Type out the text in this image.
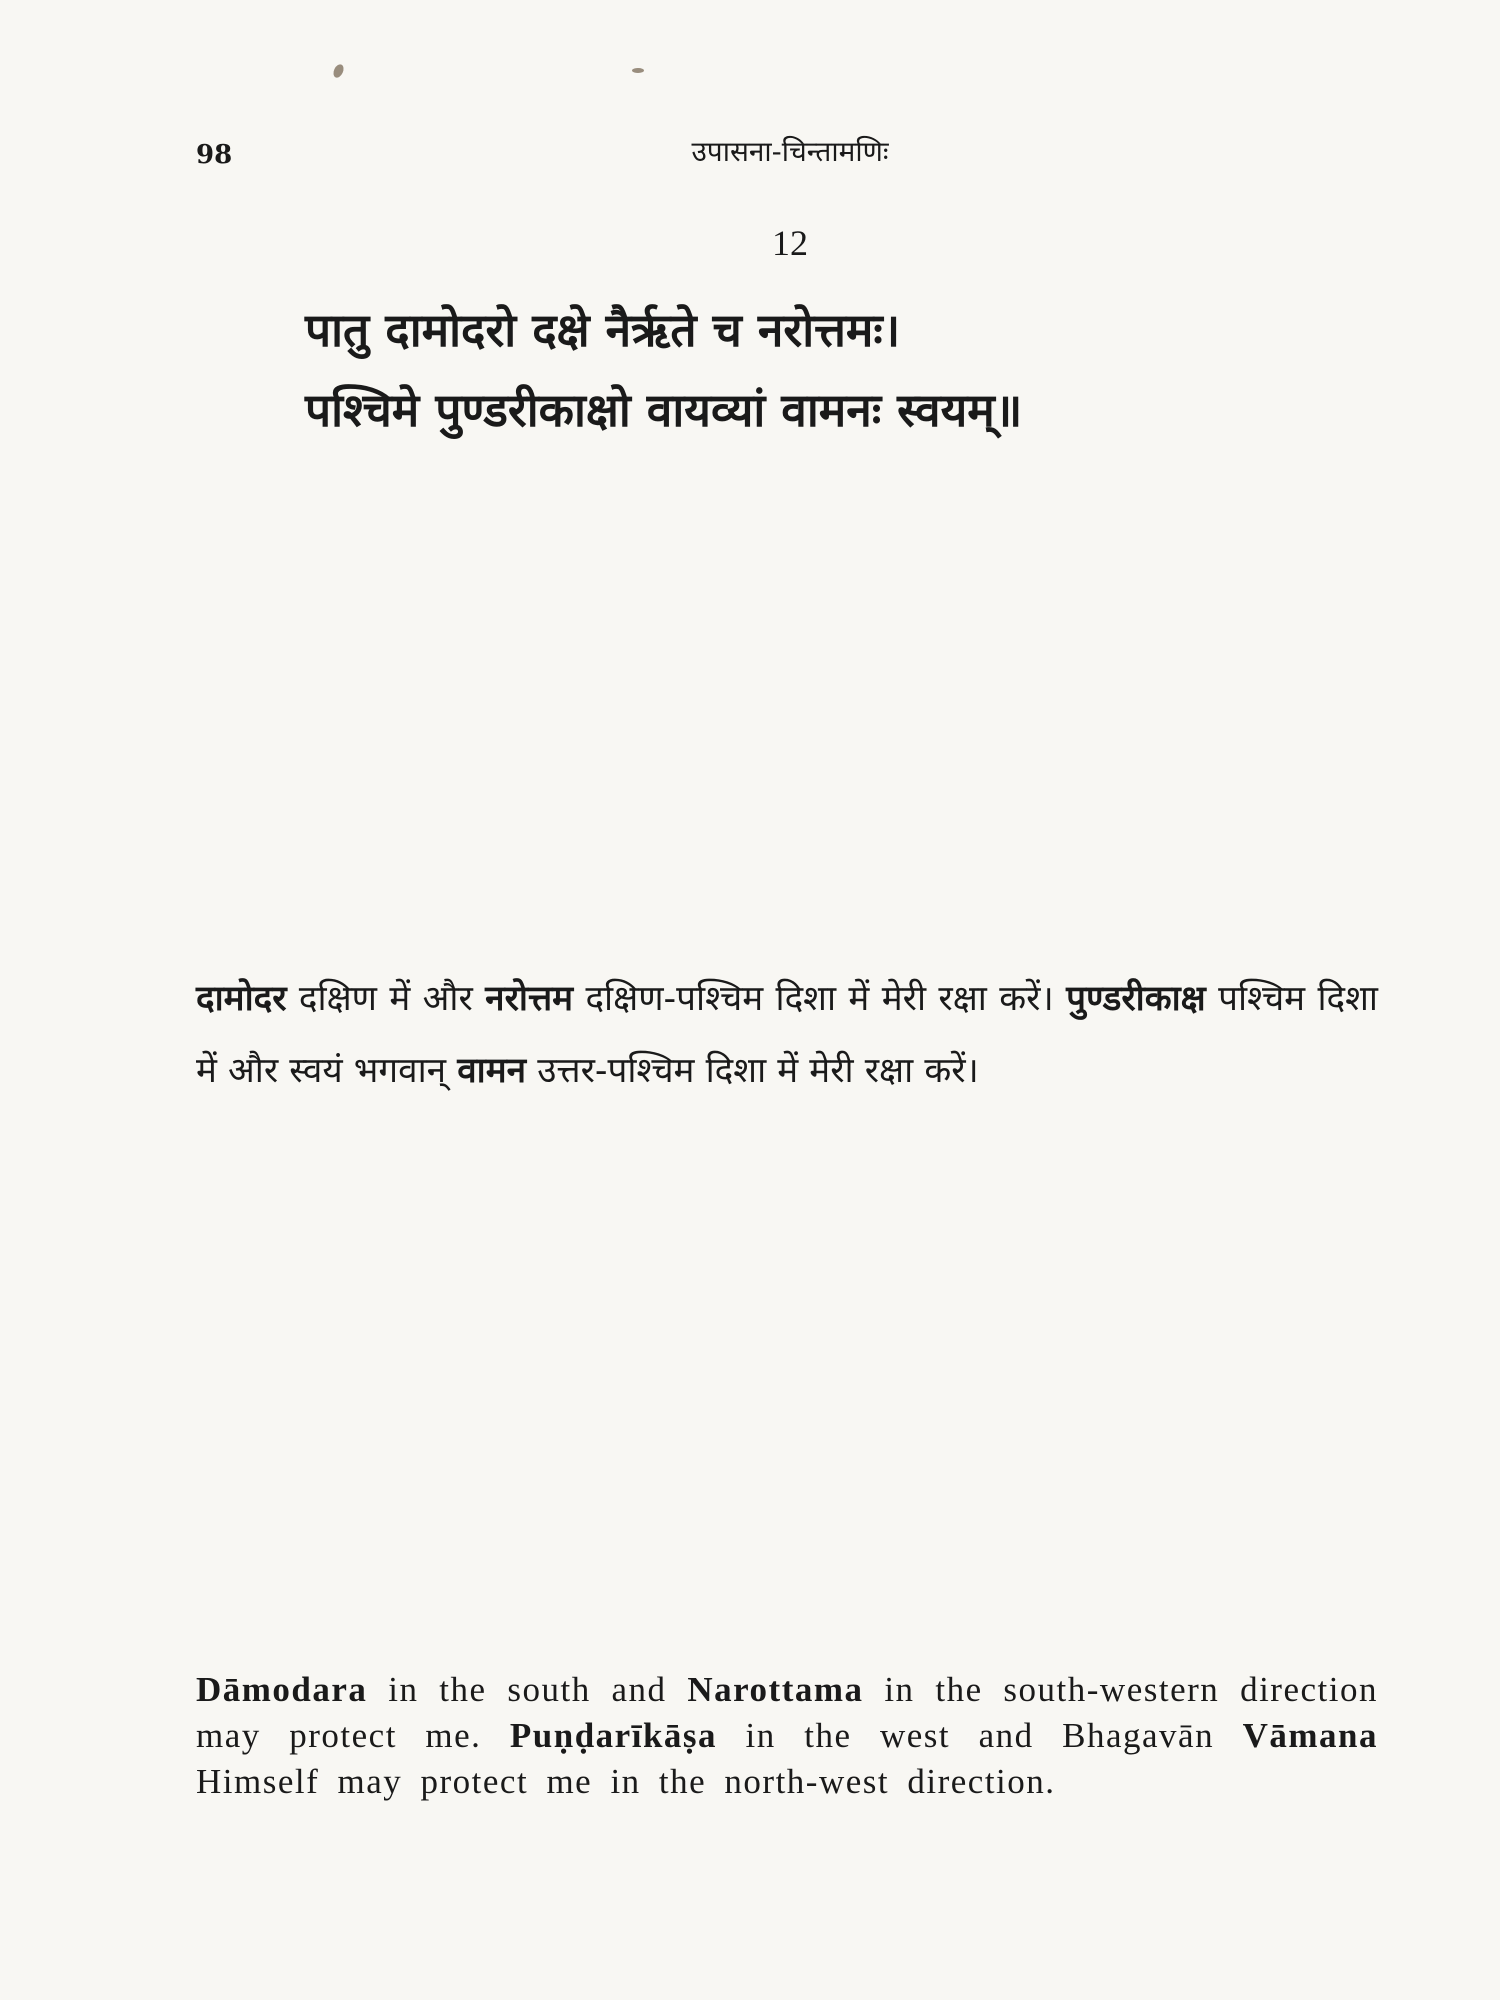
98	उपासना-चिन्तामणिः
12
पातु दामोदरो दक्षे नैर्ऋते च नरोत्तमः।
पश्चिमे पुण्डरीकाक्षो वायव्यां वामनः स्वयम्॥

दामोदर दक्षिण में और नरोत्तम दक्षिण-पश्चिम दिशा में मेरी रक्षा करें। पुण्डरीकाक्ष पश्चिम दिशा में और स्वयं भगवान् वामन उत्तर-पश्चिम दिशा में मेरी रक्षा करें।

Dāmodara in the south and Narottama in the south-western direction may protect me. Puṇḍarīkāṣa in the west and Bhagavān Vāmana Himself may protect me in the north-west direction.
